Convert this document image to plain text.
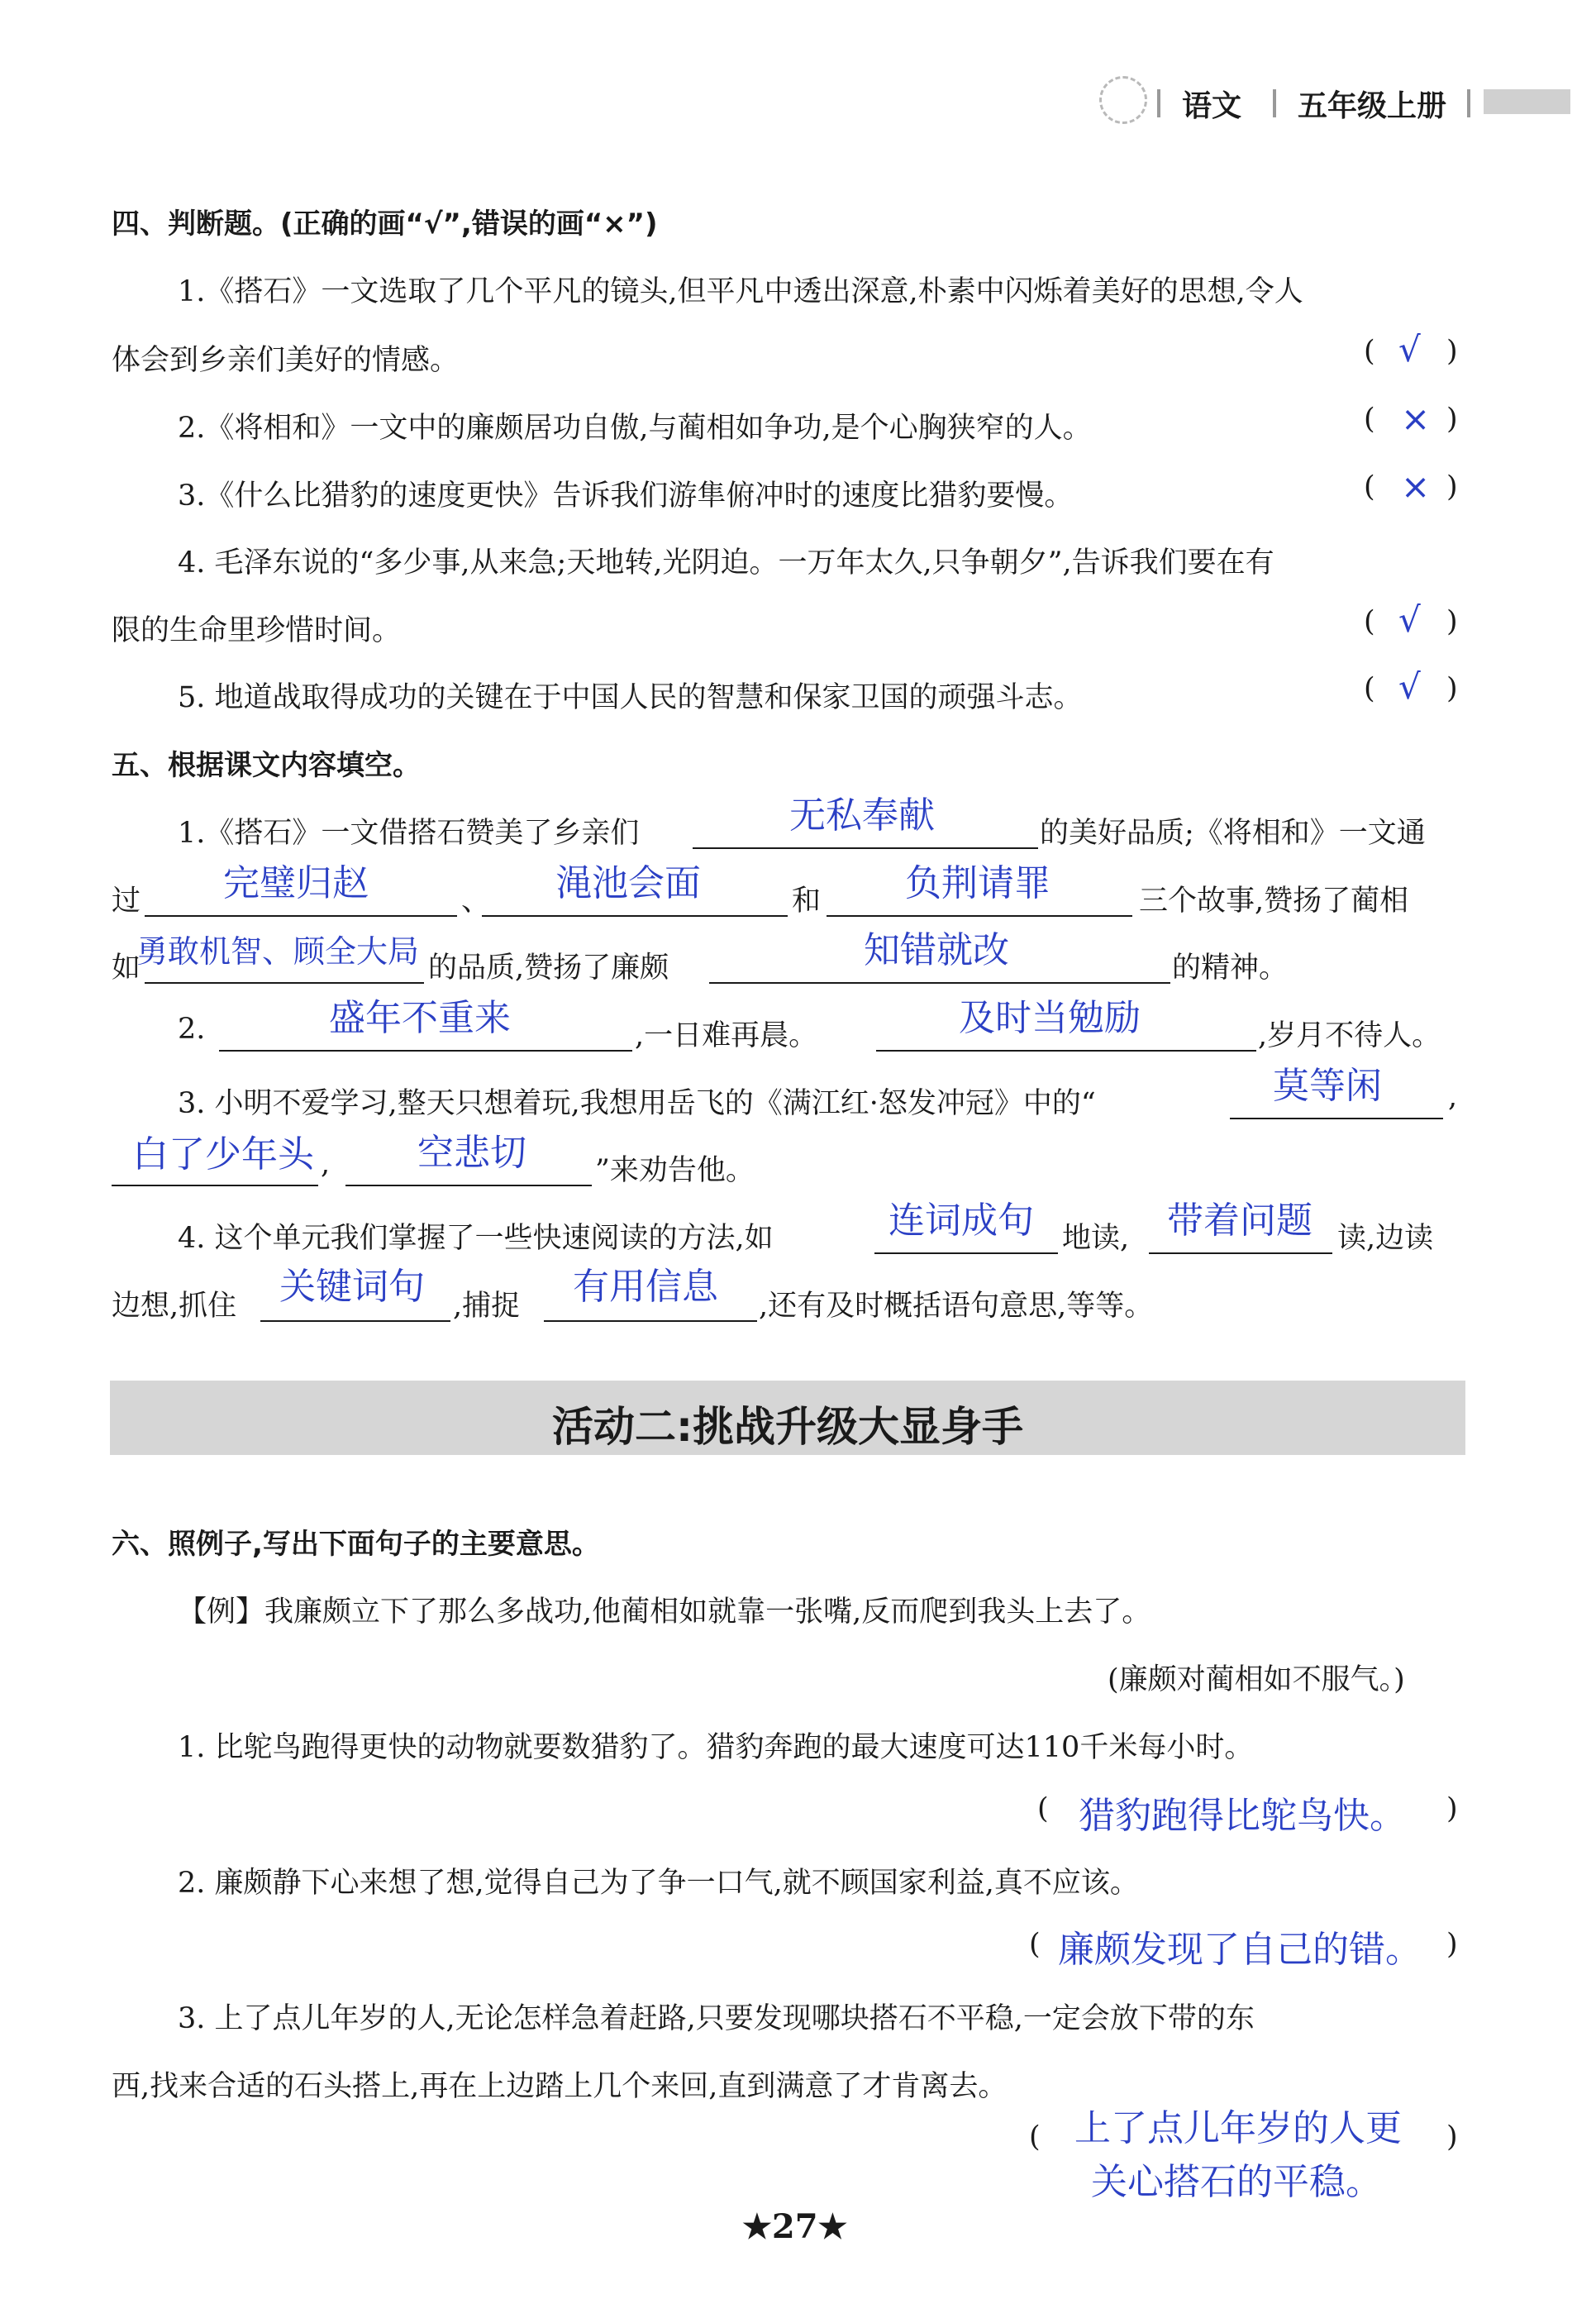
语文 五年级上册
四、判断题。(正确的画“√”,错误的画“×”)
1.《搭石》一文选取了几个平凡的镜头,但平凡中透出深意,朴素中闪烁着美好的思想,令人
体会到乡亲们美好的情感。	( √ )
2.《将相和》一文中的廉颇居功自傲,与蔺相如争功,是个心胸狭窄的人。	( × )
3.《什么比猎豹的速度更快》告诉我们游隼俯冲时的速度比猎豹要慢。	( × )
4. 毛泽东说的“多少事,从来急;天地转,光阴迫。一万年太久,只争朝夕”,告诉我们要在有
限的生命里珍惜时间。	( √ )
5. 地道战取得成功的关键在于中国人民的智慧和保家卫国的顽强斗志。	( √ )
五、根据课文内容填空。
1.《搭石》一文借搭石赞美了乡亲们	无私奉献	的美好品质;《将相和》一文通
过 完璧归赵	、 渑池会面	和 负荆请罪	三个故事,赞扬了蔺相
如
勇敢机智、顾全大局 的品质,赞扬了廉颇	知错就改	的精神。
2.	盛年不重来	,一日难再晨。	及时当勉励	,岁月不待人。
3. 小明不爱学习,整天只想着玩,我想用岳飞的《满江红·怒发冲冠》中的“	莫等闲 ,
白了少年头 , 空悲切 ”来劝告他。
4. 这个单元我们掌握了一些快速阅读的方法,如	连词成句 地读, 带着问题 读,边读
边想,抓住 关键词句 ,捕捉 有用信息 ,还有及时概括语句意思,等等。
活动二:挑战升级大显身手
六、照例子,写出下面句子的主要意思。
【例】我廉颇立下了那么多战功,他蔺相如就靠一张嘴,反而爬到我头上去了。
(廉颇对蔺相如不服气。)
1. 比鸵鸟跑得更快的动物就要数猎豹了。猎豹奔跑的最大速度可达110千米每小时。
( 猎豹跑得比鸵鸟快。 )
2. 廉颇静下心来想了想,觉得自己为了争一口气,就不顾国家利益,真不应该。
( 廉颇发现了自己的错。 )
3. 上了点儿年岁的人,无论怎样急着赶路,只要发现哪块搭石不平稳,一定会放下带的东
西,找来合适的石头搭上,再在上边踏上几个来回,直到满意了才肯离去。
( 上了点儿年岁的人更
关心搭石的平稳。
)
★27★
